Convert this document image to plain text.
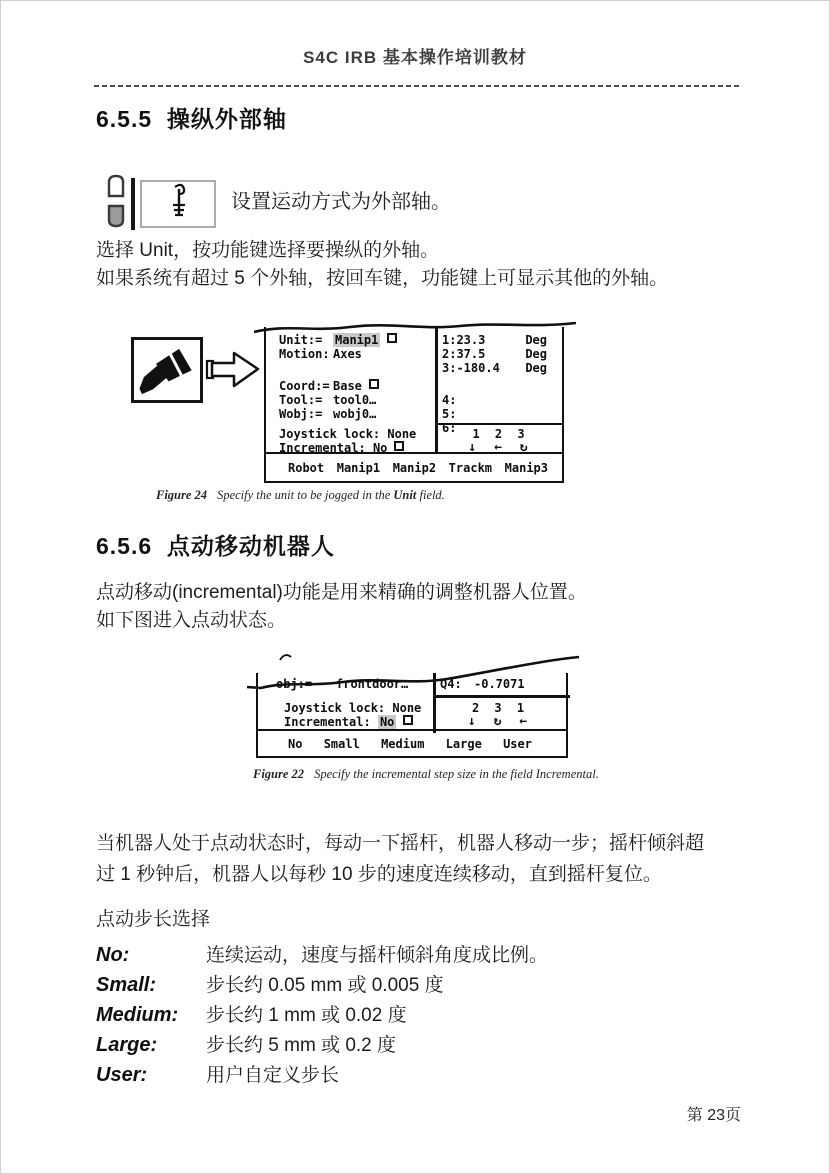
S4C IRB 基本操作培训教材
6.5.5  操纵外部轴
设置运动方式为外部轴。
选择 Unit，按功能键选择要操纵的外轴。
如果系统有超过 5 个外轴，按回车键，功能键上可显示其他的外轴。
Unit:= Manip1
Motion: Axes
Coord:= Base
Tool:= tool0…
Wobj:= wobj0…
Joystick lock: None
Incremental: No
1:23.3	Deg
2:37.5	Deg
3:-180.4 Deg
4:
5:
6:	1 2 3
↓ ← ↻
Robot Manip1 Manip2 Trackm Manip3
Figure 24 Specify the unit to be jogged in the Unit field.
6.5.6  点动移动机器人
点动移动(incremental)功能是用来精确的调整机器人位置。
如下图进入点动状态。
obj:= frontdoor…	Q4: -0.7071
Joystick lock: None
Incremental: No
2 3 1
↓ ↻ ←
No Small Medium Large User
Figure 22 Specify the incremental step size in the field Incremental.
当机器人处于点动状态时，每动一下摇杆，机器人移动一步；摇杆倾斜超
过 1 秒钟后，机器人以每秒 10 步的速度连续移动，直到摇杆复位。
点动步长选择
No:	连续运动，速度与摇杆倾斜角度成比例。
Small:	步长约 0.05 mm 或 0.005 度
Medium: 步长约 1 mm 或 0.02 度
Large:	步长约 5 mm 或 0.2 度
User:	用户自定义步长
第 23页
